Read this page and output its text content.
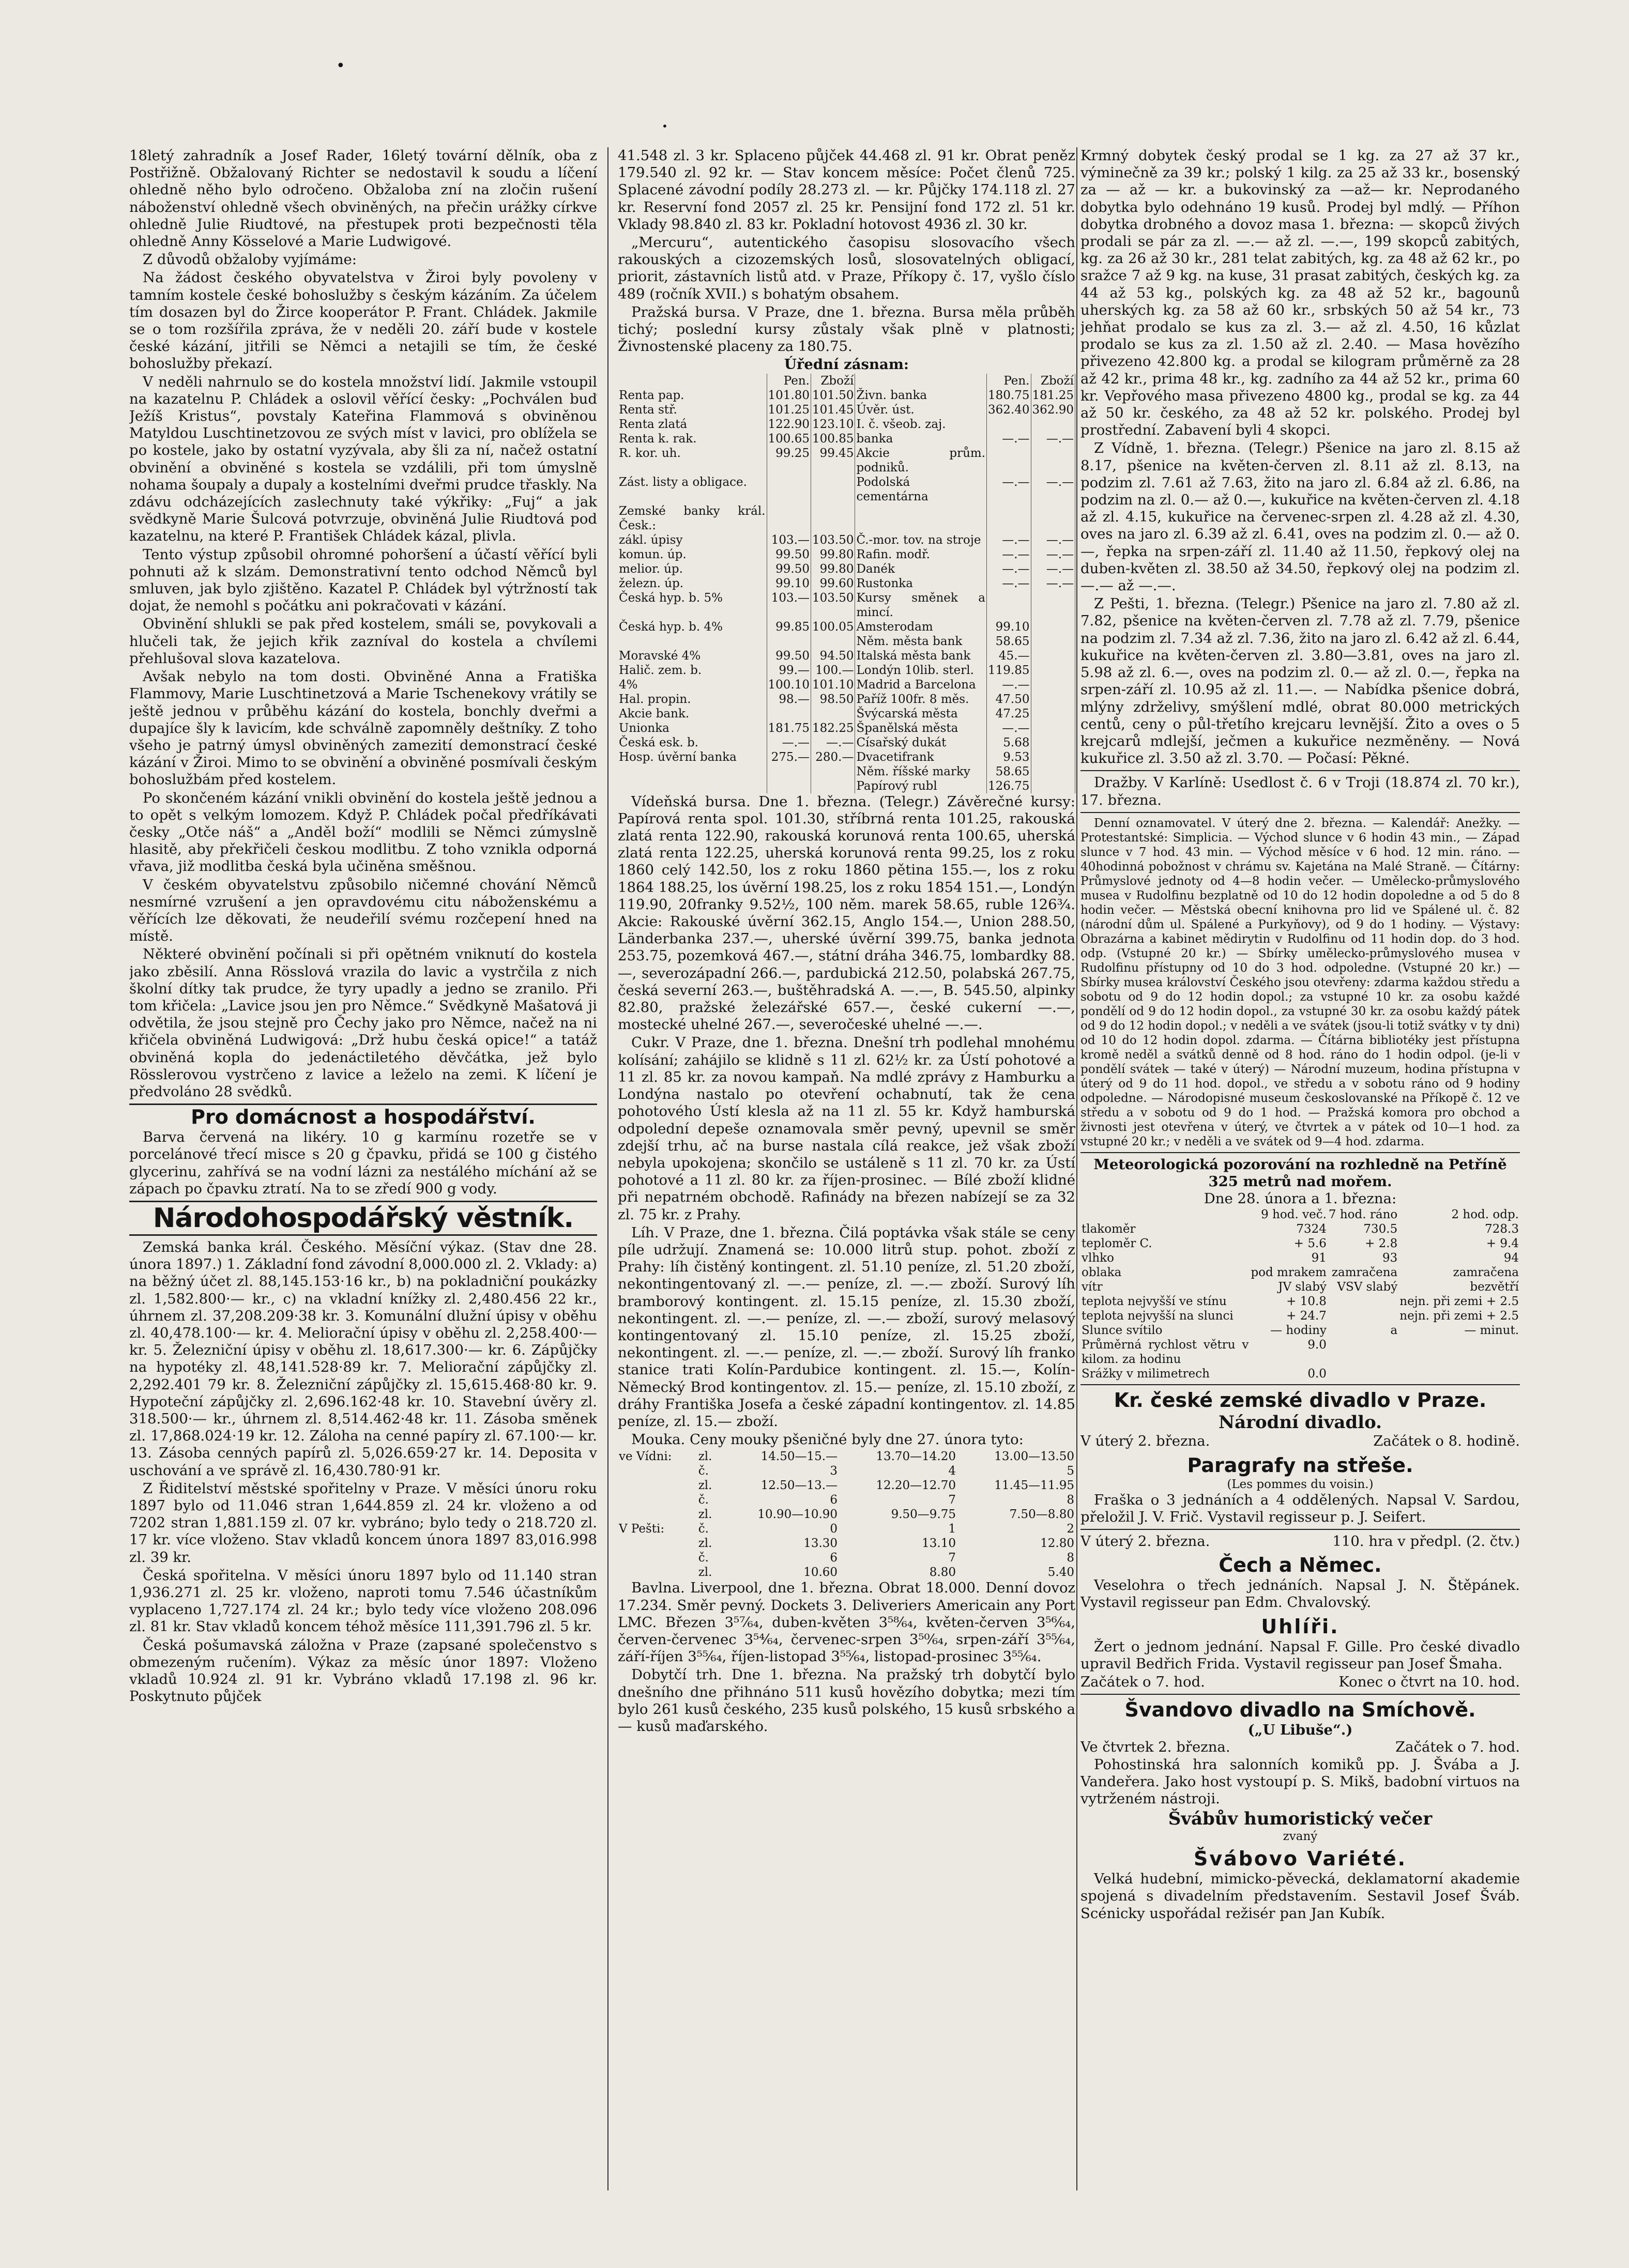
•
•

18letý zahradník a Josef Rader, 16letý tovární dělník, oba z Postřižně. Obžalovaný Richter se nedostavil k soudu a líčení ohledně něho bylo odročeno. Obžaloba zní na zločin rušení náboženství ohledně všech obviněných, na přečin urážky církve ohledně Julie Riudtové, na přestupek proti bezpečnosti těla ohledně Anny Kösselové a Marie Ludwigové.

Z důvodů obžaloby vyjímáme:

Na žádost českého obyvatelstva v Žiroi byly povoleny v tamním kostele české bohoslužby s českým kázáním. Za účelem tím dosazen byl do Žirce kooperátor P. Frant. Chládek. Jakmile se o tom rozšířila zpráva, že v neděli 20. září bude v kostele české kázání, jitřili se Němci a netajili se tím, že české bohoslužby překazí.

V neděli nahrnulo se do kostela množství lidí. Jakmile vstoupil na kazatelnu P. Chládek a oslovil věřící česky: „Pochválen buď Ježíš Kristus“, povstaly Kateřina Flammová s obviněnou Matyldou Luschtinetzovou ze svých míst v lavici, pro oblížela se po kostele, jako by ostatní vyzývala, aby šli za ní, načež ostatní obvinění a obviněné s kostela se vzdálili, při tom úmyslně nohama šoupaly a dupaly a kostelními dveřmi prudce třaskly. Na zdávu odcházejících zaslechnuty také výkřiky: „Fuj“ a jak svědkyně Marie Šulcová potvrzuje, obviněná Julie Riudtová pod kazatelnu, na které P. František Chládek kázal, plivla.

Tento výstup způsobil ohromné pohoršení a účastí věřící byli pohnuti až k slzám. Demonstrativní tento odchod Němců byl smluven, jak bylo zjištěno. Kazatel P. Chládek byl výtržností tak dojat, že nemohl s počátku ani pokračovati v kázání.

Obvinění shlukli se pak před kostelem, smáli se, povykovali a hlučeli tak, že jejich křik zazníval do kostela a chvílemi přehlušoval slova kazatelova.

Avšak nebylo na tom dosti. Obviněné Anna a Fratiška Flammovy, Marie Luschtinetzová a Marie Tschenekovy vrátily se ještě jednou v průběhu kázání do kostela, bonchly dveřmi a dupajíce šly k lavicím, kde schválně zapomněly deštníky. Z toho všeho je patrný úmysl obviněných zamezití demonstrací české kázání v Žiroi. Mimo to se obvinění a obviněné posmívali českým bohoslužbám před kostelem.

Po skončeném kázání vnikli obvinění do kostela ještě jednou a to opět s velkým lomozem. Když P. Chládek počal předříkávati česky „Otče náš“ a „Anděl boží“ modlili se Němci zúmyslně hlasitě, aby překřičeli českou modlitbu. Z toho vznikla odporná vřava, již modlitba česká byla učiněna směšnou.

V českém obyvatelstvu způsobilo ničemné chování Němců nesmírné vzrušení a jen opravdovému citu náboženskému a věřících lze děkovati, že neudeřilí svému rozčepení hned na místě.

Některé obvinění počínali si při opětném vniknutí do kostela jako zběsilí. Anna Rösslová vrazila do lavic a vystrčila z nich školní dítky tak prudce, že tyry upadly a jedno se zranilo. Při tom křičela: „Lavice jsou jen pro Němce.“ Svědkyně Mašatová ji odvětila, že jsou stejně pro Čechy jako pro Němce, načež na ni křičela obviněná Ludwigová: „Drž hubu česká opice!“ a tatáž obviněná kopla do jedenáctiletého děvčátka, jež bylo Rösslerovou vystrčeno z lavice a leželo na zemi. K líčení je předvoláno 28 svědků.

Pro domácnost a hospodářství.

Barva červená na likéry. 10 g karmínu rozetře se v porcelánové třecí misce s 20 g čpavku, přidá se 100 g čistého glycerinu, zahřívá se na vodní lázni za nestálého míchání až se zápach po čpavku ztratí. Na to se zředí 900 g vody.

Národohospodářský věstník.

Zemská banka král. Českého. Měsíční výkaz. (Stav dne 28. února 1897.) 1. Základní fond závodní 8,000.000 zl. 2. Vklady: a) na běžný účet zl. 88,145.153·16 kr., b) na pokladniční poukázky zl. 1,582.800·— kr., c) na vkladní knížky zl. 2,480.456 22 kr., úhrnem zl. 37,208.209·38 kr. 3. Komunální dlužní úpisy v oběhu zl. 40,478.100·— kr. 4. Meliorační úpisy v oběhu zl. 2,258.400·— kr. 5. Železniční úpisy v oběhu zl. 18,617.300·— kr. 6. Zápůjčky na hypotéky zl. 48,141.528·89 kr. 7. Meliorační zápůjčky zl. 2,292.401 79 kr. 8. Železniční zápůjčky zl. 15,615.468·80 kr. 9. Hypoteční zápůjčky zl. 2,696.162·48 kr. 10. Stavební úvěry zl. 318.500·— kr., úhrnem zl. 8,514.462·48 kr. 11. Zásoba směnek zl. 17,868.024·19 kr. 12. Záloha na cenné papíry zl. 67.100·— kr. 13. Zásoba cenných papírů zl. 5,026.659·27 kr. 14. Deposita v uschování a ve správě zl. 16,430.780·91 kr.

Z Řiditelství městské spořitelny v Praze. V měsíci únoru roku 1897 bylo od 11.046 stran 1,644.859 zl. 24 kr. vloženo a od 7202 stran 1,881.159 zl. 07 kr. vybráno; bylo tedy o 218.720 zl. 17 kr. více vloženo. Stav vkladů koncem února 1897 83,016.998 zl. 39 kr.

Česká spořitelna. V měsíci únoru 1897 bylo od 11.140 stran 1,936.271 zl. 25 kr. vloženo, naproti tomu 7.546 účastníkům vyplaceno 1,727.174 zl. 24 kr.; bylo tedy více vloženo 208.096 zl. 81 kr. Stav vkladů koncem téhož měsíce 111,391.796 zl. 5 kr.

Česká pošumavská záložna v Praze (zapsané společenstvo s obmezeným ručením). Výkaz za měsíc únor 1897: Vloženo vkladů 10.924 zl. 91 kr. Vybráno vkladů 17.198 zl. 96 kr. Poskytnuto půjček

41.548 zl. 3 kr. Splaceno půjček 44.468 zl. 91 kr. Obrat peněz 179.540 zl. 92 kr. — Stav koncem měsíce: Počet členů 725. Splacené závodní podíly 28.273 zl. — kr. Půjčky 174.118 zl. 27 kr. Reservní fond 2057 zl. 25 kr. Pensijní fond 172 zl. 51 kr. Vklady 98.840 zl. 83 kr. Pokladní hotovost 4936 zl. 30 kr.

„Mercuru“, autentického časopisu slosovacího všech rakouských a cizozemských losů, slosovatelných obligací, priorit, zástavních listů atd. v Praze, Příkopy č. 17, vyšlo číslo 489 (ročník XVII.) s bohatým obsahem.

Pražská bursa. V Praze, dne 1. března. Bursa měla průběh tichý; poslední kursy zůstaly však plně v platnosti; Živnostenské placeny za 180.75.

Úřední zásnam:
	Pen.	Zboží		Pen.	Zboží
Renta pap.	101.80	101.50	Živn. banka	180.75	181.25
Renta stř.	101.25	101.45	Úvěr. úst.	362.40	362.90
Renta zlatá	122.90	123.10	I. č. všeob. zaj.		
Renta k. rak.	100.65	100.85	banka	—.—	—.—
R. kor. uh.	99.25	99.45	Akcie prům. podniků.		
Zást. listy a obligace.			Podolská cementárna	—.—	—.—
Zemské banky král. Česk.:					
zákl. úpisy	103.—	103.50	Č.-mor. tov. na stroje	—.—	—.—
komun. úp.	99.50	99.80	Rafin. modř.	—.—	—.—
melior. úp.	99.50	99.80	Danék	—.—	—.—
železn. úp.	99.10	99.60	Rustonka	—.—	—.—
Česká hyp. b. 5%	103.—	103.50	Kursy směnek a mincí.		
Česká hyp. b. 4%	99.85	100.05	Amsterodam	99.10	
			Něm. města bank	58.65	
Moravské 4%	99.50	94.50	Italská města bank	45.—	
Halič. zem. b.	99.—	100.—	Londýn 10lib. sterl.	119.85	
4%	100.10	101.10	Madrid a Barcelona	—.—	
Hal. propin.	98.—	98.50	Paříž 100fr. 8 měs.	47.50	
Akcie bank.			Švýcarská města	47.25	
Unionka	181.75	182.25	Španělská města	—.—	
Česká esk. b.	—.—	—.—	Císařský dukát	5.68	
Hosp. úvěrní banka	275.—	280.—	Dvacetifrank	9.53	
			Něm. říšské marky	58.65	
			Papírový rubl	126.75	

Vídeňská bursa. Dne 1. března. (Telegr.) Závěrečné kursy: Papírová renta spol. 101.30, stříbrná renta 101.25, rakouská zlatá renta 122.90, rakouská korunová renta 100.65, uherská zlatá renta 122.25, uherská korunová renta 99.25, los z roku 1860 celý 142.50, los z roku 1860 pětina 155.—, los z roku 1864 188.25, los úvěrní 198.25, los z roku 1854 151.—, Londýn 119.90, 20franky 9.52½, 100 něm. marek 58.65, ruble 126¾. Akcie: Rakouské úvěrní 362.15, Anglo 154.—, Union 288.50, Länderbanka 237.—, uherské úvěrní 399.75, banka jednota 253.75, pozemková 467.—, státní dráha 346.75, lombardky 88.—, severozápadní 266.—, pardubická 212.50, polabská 267.75, česká severní 263.—, buštěhradská A. —.—, B. 545.50, alpinky 82.80, pražské železářské 657.—, české cukerní —.—, mostecké uhelné 267.—, severočeské uhelné —.—.

Cukr. V Praze, dne 1. března. Dnešní trh podlehal mnohému kolísání; zahájilo se klidně s 11 zl. 62½ kr. za Ústí pohotové a 11 zl. 85 kr. za novou kampaň. Na mdlé zprávy z Hamburku a Londýna nastalo po otevření ochabnutí, tak že cena pohotového Ústí klesla až na 11 zl. 55 kr. Když hamburská odpolední depeše oznamovala směr pevný, upevnil se směr zdejší trhu, ač na burse nastala cílá reakce, jež však zboží nebyla upokojena; skončilo se ustáleně s 11 zl. 70 kr. za Ústí pohotové a 11 zl. 80 kr. za říjen-prosinec. — Bílé zboží klidné při nepatrném obchodě. Rafinády na březen nabízejí se za 32 zl. 75 kr. z Prahy.

Líh. V Praze, dne 1. března. Čilá poptávka však stále se ceny píle udržují. Znamená se: 10.000 litrů stup. pohot. zboží z Prahy: líh čistěný kontingent. zl. 51.10 peníze, zl. 51.20 zboží, nekontingentovaný zl. —.— peníze, zl. —.— zboží. Surový líh bramborový kontingent. zl. 15.15 peníze, zl. 15.30 zboží, nekontingent. zl. —.— peníze, zl. —.— zboží, surový melasový kontingentovaný zl. 15.10 peníze, zl. 15.25 zboží, nekontingent. zl. —.— peníze, zl. —.— zboží. Surový líh franko stanice trati Kolín-Pardubice kontingent. zl. 15.—, Kolín-Německý Brod kontingentov. zl. 15.— peníze, zl. 15.10 zboží, z dráhy Františka Josefa a české západní kontingentov. zl. 14.85 peníze, zl. 15.— zboží.

Mouka. Ceny mouky pšeničné byly dne 27. února tyto:

ve Vídni:	zl.	14.50—15.—	13.70—14.20	13.00—13.50
	č.	3	4	5
	zl.	12.50—13.—	12.20—12.70	11.45—11.95
	č.	6	7	8
	zl.	10.90—10.90	9.50—9.75	7.50—8.80
V Pešti:	č.	0	1	2
	zl.	13.30	13.10	12.80
	č.	6	7	8
	zl.	10.60	8.80	5.40

Bavlna. Liverpool, dne 1. března. Obrat 18.000. Denní dovoz 17.234. Směr pevný. Dockets 3. Deliveriers Americain any Port LMC. Březen 3⁵⁷⁄₆₄, duben-květen 3⁵⁸⁄₆₄, květen-červen 3⁵⁶⁄₆₄, červen-červenec 3⁵⁴⁄₆₄, červenec-srpen 3⁵⁰⁄₆₄, srpen-září 3⁵⁵⁄₆₄, září-říjen 3⁵⁵⁄₆₄, říjen-listopad 3⁵⁵⁄₆₄, listopad-prosinec 3⁵⁵⁄₆₄.

Dobytčí trh. Dne 1. března. Na pražský trh dobytčí bylo dnešního dne přihnáno 511 kusů hovězího dobytka; mezi tím bylo 261 kusů českého, 235 kusů polského, 15 kusů srbského a — kusů maďarského.

Krmný dobytek český prodal se 1 kg. za 27 až 37 kr., výminečně za 39 kr.; polský 1 kilg. za 25 až 33 kr., bosenský za — až — kr. a bukovinský za —až— kr. Neprodaného dobytka bylo odehnáno 19 kusů. Prodej byl mdlý. — Příhon dobytka drobného a dovoz masa 1. března: — skopců živých prodali se pár za zl. —.— až zl. —.—, 199 skopců zabitých, kg. za 26 až 30 kr., 281 telat zabitých, kg. za 48 až 62 kr., po sražce 7 až 9 kg. na kuse, 31 prasat zabitých, českých kg. za 44 až 53 kg., polských kg. za 48 až 52 kr., bagounů uherských kg. za 58 až 60 kr., srbských 50 až 54 kr., 73 jehňat prodalo se kus za zl. 3.— až zl. 4.50, 16 kůzlat prodalo se kus za zl. 1.50 až zl. 2.40. — Masa hovězího přivezeno 42.800 kg. a prodal se kilogram průměrně za 28 až 42 kr., prima 48 kr., kg. zadního za 44 až 52 kr., prima 60 kr. Vepřového masa přivezeno 4800 kg., prodal se kg. za 44 až 50 kr. českého, za 48 až 52 kr. polského. Prodej byl prostřední. Zabavení byli 4 skopci.

Z Vídně, 1. března. (Telegr.) Pšenice na jaro zl. 8.15 až 8.17, pšenice na květen-červen zl. 8.11 až zl. 8.13, na podzim zl. 7.61 až 7.63, žito na jaro zl. 6.84 až zl. 6.86, na podzim na zl. 0.— až 0.—, kukuřice na květen-červen zl. 4.18 až zl. 4.15, kukuřice na červenec-srpen zl. 4.28 až zl. 4.30, oves na jaro zl. 6.39 až zl. 6.41, oves na podzim zl. 0.— až 0.—, řepka na srpen-září zl. 11.40 až 11.50, řepkový olej na duben-květen zl. 38.50 až 34.50, řepkový olej na podzim zl. —.— až —.—.

Z Pešti, 1. března. (Telegr.) Pšenice na jaro zl. 7.80 až zl. 7.82, pšenice na květen-červen zl. 7.78 až zl. 7.79, pšenice na podzim zl. 7.34 až zl. 7.36, žito na jaro zl. 6.42 až zl. 6.44, kukuřice na květen-červen zl. 3.80—3.81, oves na jaro zl. 5.98 až zl. 6.—, oves na podzim zl. 0.— až zl. 0.—, řepka na srpen-září zl. 10.95 až zl. 11.—. — Nabídka pšenice dobrá, mlýny zdrželivy, smýšlení mdlé, obrat 80.000 metrických centů, ceny o půl-třetího krejcaru levnější. Žito a oves o 5 krejcarů mdlejší, ječmen a kukuřice nezměněny. — Nová kukuřice zl. 3.50 až zl. 3.70. — Počasí: Pěkné.

Dražby. V Karlíně: Usedlost č. 6 v Troji (18.874 zl. 70 kr.), 17. března.

Denní oznamovatel. V úterý dne 2. března. — Kalendář: Anežky. — Protestantské: Simplicia. — Východ slunce v 6 hodin 43 min., — Západ slunce v 7 hod. 43 min. — Východ měsíce v 6 hod. 12 min. ráno. — 40hodinná pobožnost v chrámu sv. Kajetána na Malé Straně. — Čítárny: Průmyslové jednoty od 4—8 hodin večer. — Umělecko-průmyslového musea v Rudolfinu bezplatně od 10 do 12 hodin dopoledne a od 5 do 8 hodin večer. — Městská obecní knihovna pro lid ve Spálené ul. č. 82 (národní dům ul. Spálené a Purkyňovy), od 9 do 1 hodiny. — Výstavy: Obrazárna a kabinet mědirytin v Rudolfinu od 11 hodin dop. do 3 hod. odp. (Vstupné 20 kr.) — Sbírky umělecko-průmyslového musea v Rudolfinu přístupny od 10 do 3 hod. odpoledne. (Vstupné 20 kr.) — Sbírky musea království Českého jsou otevřeny: zdarma každou středu a sobotu od 9 do 12 hodin dopol.; za vstupné 10 kr. za osobu každé pondělí od 9 do 12 hodin dopol., za vstupné 30 kr. za osobu každý pátek od 9 do 12 hodin dopol.; v neděli a ve svátek (jsou-li totiž svátky v ty dni) od 10 do 12 hodin dopol. zdarma. — Čítárna bibliotéky jest přístupna kromě neděl a svátků denně od 8 hod. ráno do 1 hodin odpol. (je-li v pondělí svátek — také v úterý) — Národní muzeum, hodina přístupna v úterý od 9 do 11 hod. dopol., ve středu a v sobotu ráno od 9 hodiny odpoledne. — Národopisné museum českoslovanské na Příkopě č. 12 ve středu a v sobotu od 9 do 1 hod. — Pražská komora pro obchod a živnosti jest otevřena v úterý, ve čtvrtek a v pátek od 10—1 hod. za vstupné 20 kr.; v neděli a ve svátek od 9—4 hod. zdarma.

Meteorologická pozorování na rozhledně na Petříně
325 metrů nad mořem.
Dne 28. února a 1. března:
	9 hod. več.	7 hod. ráno	2 hod. odp.
tlakoměr	7324	730.5	728.3
teploměr C.	+ 5.6	+ 2.8	+ 9.4
vlhko	91	93	94
oblaka	pod mrakem	zamračena	zamračena
vítr	JV slabý	VSV slabý	bezvětří
teplota nejvyšší ve stínu	+ 10.8		nejn. při zemi + 2.5
teplota nejvyšší na slunci	+ 24.7		nejn. při zemi + 2.5
Slunce svítilo	— hodiny	a	— minut.
Průměrná rychlost větru v kilom. za hodinu	9.0		
Srážky v milimetrech	0.0		
Kr. české zemské divadlo v Praze.
Národní divadlo.
V úterý 2. března.	Začátek o 8. hodině.
Paragrafy na střeše.
(Les pommes du voisin.)

Fraška o 3 jednáních a 4 oddělených. Napsal V. Sardou, přeložil J. V. Frič. Vystavil regisseur p. J. Seifert.

V úterý 2. března.	110. hra v předpl. (2. čtv.)
Čech a Němec.

Veselohra o třech jednáních. Napsal J. N. Štěpánek. Vystavil regisseur pan Edm. Chvalovský.

Uhlíři.

Žert o jednom jednání. Napsal F. Gille. Pro české divadlo upravil Bedřich Frida. Vystavil regisseur pan Josef Šmaha.

Začátek o 7. hod.	Konec o čtvrt na 10. hod.
Švandovo divadlo na Smíchově.
(„U Libuše“.)
Ve čtvrtek 2. března.	Začátek o 7. hod.

Pohostinská hra salonních komiků pp. J. Švába a J. Vandeřera. Jako host vystoupí p. S. Mikš, badobní virtuos na vytrženém nástroji.

Švábův humoristický večer
zvaný
Švábovo Variété.

Velká hudební, mimicko-pěvecká, deklamatorní akademie spojená s divadelním představením. Sestavil Josef Šváb. Scénicky uspořádal režisér pan Jan Kubík.
